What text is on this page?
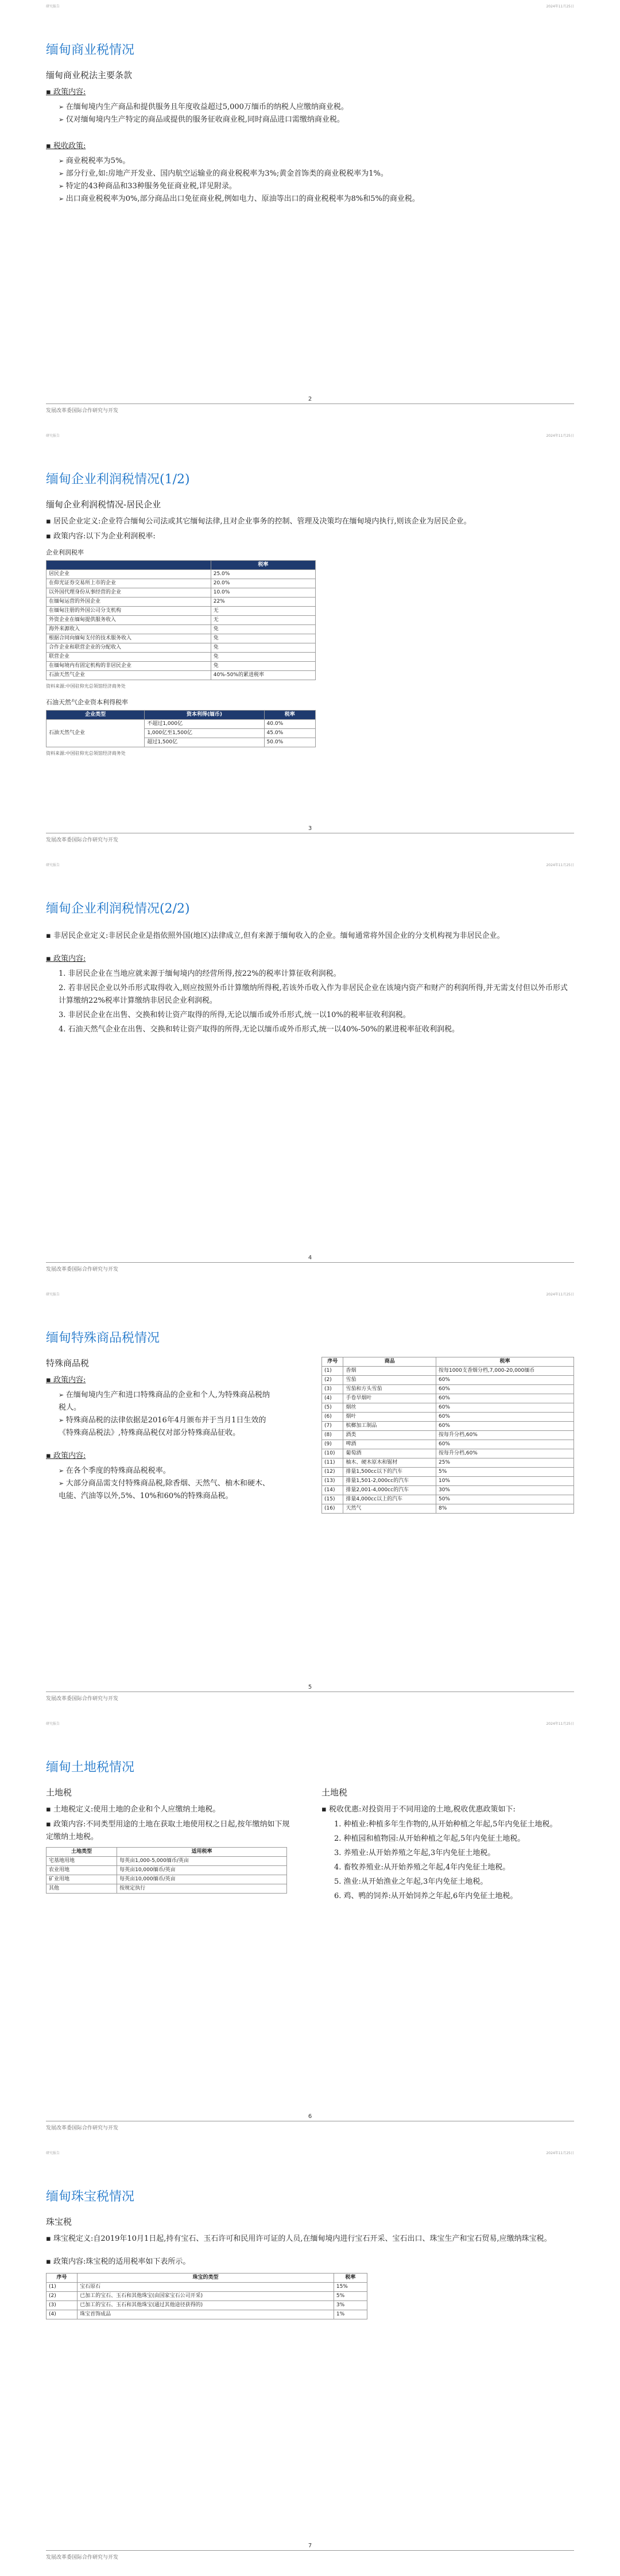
研究报告	2024年11月25日
缅甸商业税情况
缅甸商业税法主要条款
▪ 政策内容:
➢ 在缅甸境内生产商品和提供服务且年度收益超过5,000万缅币的纳税人应缴纳商业税。
➢ 仅对缅甸境内生产特定的商品或提供的服务征收商业税,同时商品进口需缴纳商业税。
▪ 税收政策:
➢ 商业税税率为5%。
➢ 部分行业,如:房地产开发业、国内航空运输业的商业税税率为3%;黄金首饰类的商业税税率为1%。
➢ 特定的43种商品和33种服务免征商业税,详见附录。
➢ 出口商业税税率为0%,部分商品出口免征商业税,例如电力、原油等出口的商业税税率为8%和5%的商业税。
2
发展改革委国际合作研究与开发
研究报告	2024年11月25日
缅甸企业利润税情况(1/2)
缅甸企业利润税情况-居民企业
▪ 居民企业定义:企业符合缅甸公司法或其它缅甸法律,且对企业事务的控制、管理及决策均在缅甸境内执行,则该企业为居民企业。
▪ 政策内容:以下为企业利润税率:
企业利润税率
	税率
居民企业	25.0%
在仰光证券交易所上市的企业	20.0%
以外国代理身份从事经营的企业	10.0%
在缅甸运营的外国企业	22%
在缅甸注册的外国公司分支机构	无
外资企业在缅甸提供服务收入	无
海外来源收入	免
根据合同向缅甸支付的技术服务收入	免
合作企业和联营企业的分配收入	免
联营企业	免
在缅甸境内有固定机构的非居民企业	免
石油天然气企业	40%-50%的累进税率
资料来源:中国驻仰光总领馆经济商务处
石油天然气企业资本利得税率
企业类型	资本利得(缅币)	税率
石油天然气企业	不超过1,000亿	40.0%
	1,000亿至1,500亿	45.0%
	超过1,500亿	50.0%
资料来源:中国驻仰光总领馆经济商务处
3
发展改革委国际合作研究与开发
研究报告	2024年11月25日
缅甸企业利润税情况(2/2)
▪ 非居民企业定义:非居民企业是指依照外国(地区)法律成立,但有来源于缅甸收入的企业。缅甸通常将外国企业的分支机构视为非居民企业。
▪ 政策内容:
1. 非居民企业在当地应就来源于缅甸境内的经营所得,按22%的税率计算征收利润税。
2. 若非居民企业以外币形式取得收入,则应按照外币计算缴纳所得税,若该外币收入作为非居民企业在该境内资产和财产的利润所得,并无需支付但以外币形式计算缴纳22%税率计算缴纳非居民企业利润税。
3. 非居民企业在出售、交换和转让资产取得的所得,无论以缅币或外币形式,统一以10%的税率征收利润税。
4. 石油天然气企业在出售、交换和转让资产取得的所得,无论以缅币或外币形式,统一以40%-50%的累进税率征收利润税。
4
发展改革委国际合作研究与开发
研究报告	2024年11月25日
缅甸特殊商品税情况
特殊商品税
▪ 政策内容:
➢ 在缅甸境内生产和进口特殊商品的企业和个人,为特殊商品税纳税人。
➢ 特殊商品税的法律依据是2016年4月颁布并于当月1日生效的《特殊商品税法》,特殊商品税仅对部分特殊商品征收。
▪ 政策内容:
➢ 在各个季度的特殊商品税税率。
➢ 大部分商品需支付特殊商品税,除香烟、天然气、柚木和硬木、电能、汽油等以外,5%、10%和60%的特殊商品税。
序号	商品	税率
(1)	香烟	按每1000支香烟分档,7,000-20,000缅币
(2)	雪茄	60%
(3)	雪茄和方头雪茄	60%
(4)	手卷旱烟叶	60%
(5)	烟丝	60%
(6)	烟叶	60%
(7)	槟榔加工制品	60%
(8)	酒类	按每升分档,60%
(9)	啤酒	60%
(10)	葡萄酒	按每升分档,60%
(11)	柚木、硬木原木和锯材	25%
(12)	排量1,500cc以下的汽车	5%
(13)	排量1,501-2,000cc的汽车	10%
(14)	排量2,001-4,000cc的汽车	30%
(15)	排量4,000cc以上的汽车	50%
(16)	天然气	8%
5
发展改革委国际合作研究与开发
研究报告	2024年11月25日
缅甸土地税情况
土地税
▪ 土地税定义:使用土地的企业和个人应缴纳土地税。
▪ 政策内容:不同类型用途的土地在获取土地使用权之日起,按年缴纳如下规定缴纳土地税。
土地类型	适用税率
宅基地用地	每英亩1,000-5,000缅币/英亩
农业用地	每英亩10,000缅币/英亩
矿业用地	每英亩10,000缅币/英亩
其他	按规定执行
土地税
▪ 税收优惠:对投资用于不同用途的土地,税收优惠政策如下:
1. 种植业:种植多年生作物的,从开始种植之年起,5年内免征土地税。
2. 种植园和植物园:从开始种植之年起,5年内免征土地税。
3. 养殖业:从开始养殖之年起,3年内免征土地税。
4. 畜牧养殖业:从开始养殖之年起,4年内免征土地税。
5. 渔业:从开始渔业之年起,3年内免征土地税。
6. 鸡、鸭的饲养:从开始饲养之年起,6年内免征土地税。
6
发展改革委国际合作研究与开发
研究报告	2024年11月25日
缅甸珠宝税情况
珠宝税
▪ 珠宝税定义:自2019年10月1日起,持有宝石、玉石许可和民用许可证的人员,在缅甸境内进行宝石开采、宝石出口、珠宝生产和宝石贸易,应缴纳珠宝税。
▪ 政策内容:珠宝税的适用税率如下表所示。
序号	珠宝的类型	税率
(1)	宝石原石	15%
(2)	已加工的宝石、玉石和其他珠宝(由国家宝石公司开采)	5%
(3)	已加工的宝石、玉石和其他珠宝(通过其他途径获得的)	3%
(4)	珠宝首饰成品	1%
7
发展改革委国际合作研究与开发
